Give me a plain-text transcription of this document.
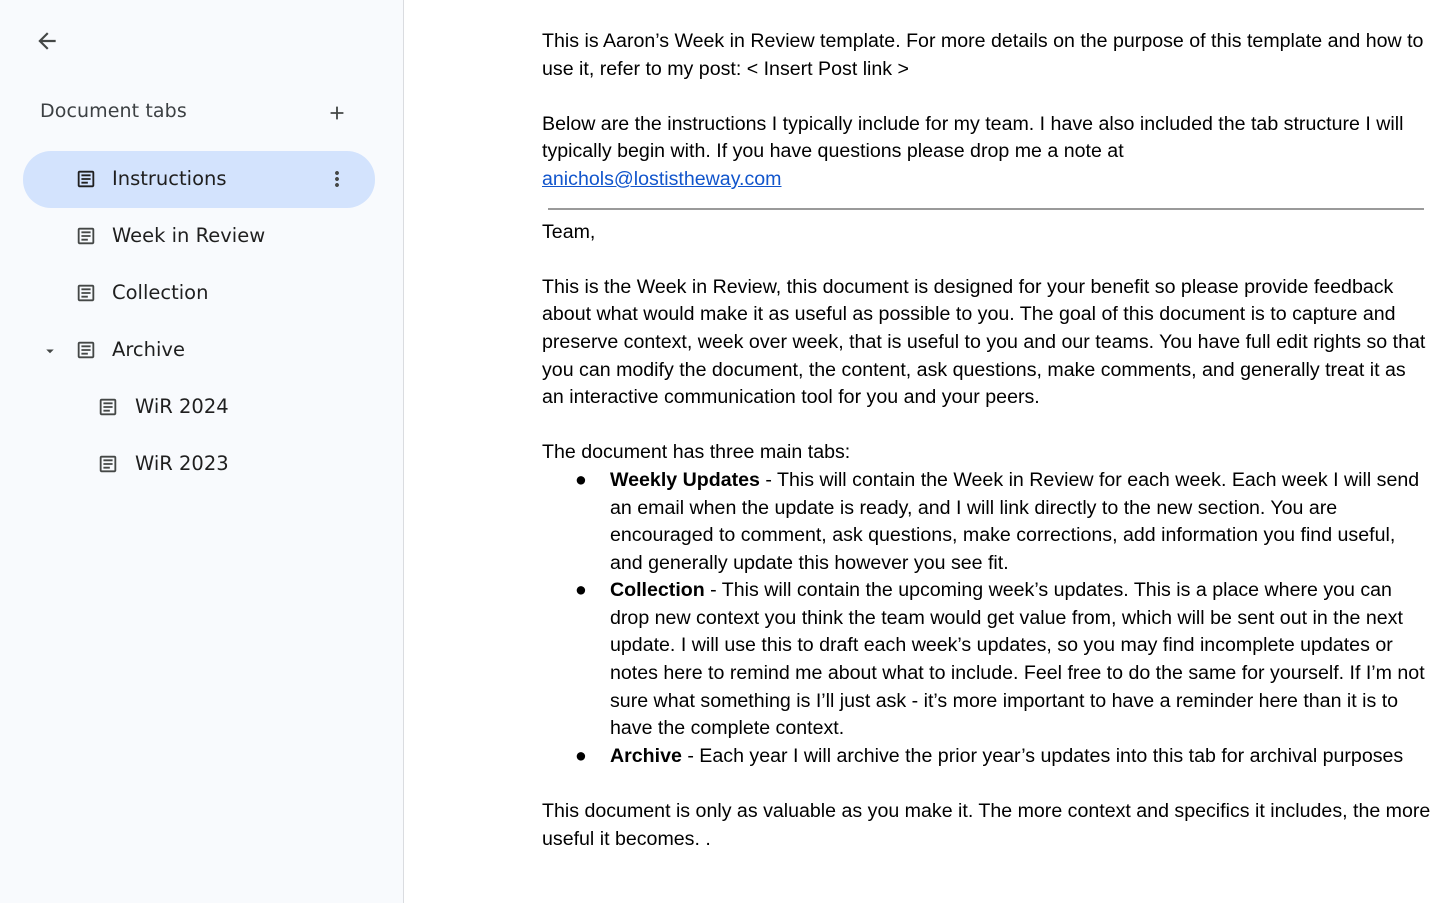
Document tabs
Instructions
Week in Review
Collection
Archive
WiR 2024
WiR 2023

This is Aaron’s Week in Review template. For more details on the purpose of this template and how to use it, refer to my post: < Insert Post link >

Below are the instructions I typically include for my team. I have also included the tab structure I will typically begin with. If you have questions please drop me a note at
anichols@lostistheway.com

Team,

This is the Week in Review, this document is designed for your benefit so please provide feedback about what would make it as useful as possible to you. The goal of this document is to capture and preserve context, week over week, that is useful to you and our teams. You have full edit rights so that you can modify the document, the content, ask questions, make comments, and generally treat it as an interactive communication tool for you and your peers.

The document has three main tabs:

● Weekly Updates - This will contain the Week in Review for each week. Each week I will send an email when the update is ready, and I will link directly to the new section. You are encouraged to comment, ask questions, make corrections, add information you find useful, and generally update this however you see fit.
● Collection - This will contain the upcoming week’s updates. This is a place where you can drop new context you think the team would get value from, which will be sent out in the next update. I will use this to draft each week’s updates, so you may find incomplete updates or notes here to remind me about what to include. Feel free to do the same for yourself. If I’m not sure what something is I’ll just ask - it’s more important to have a reminder here than it is to have the complete context.
● Archive - Each year I will archive the prior year’s updates into this tab for archival purposes

This document is only as valuable as you make it. The more context and specifics it includes, the more useful it becomes. .
